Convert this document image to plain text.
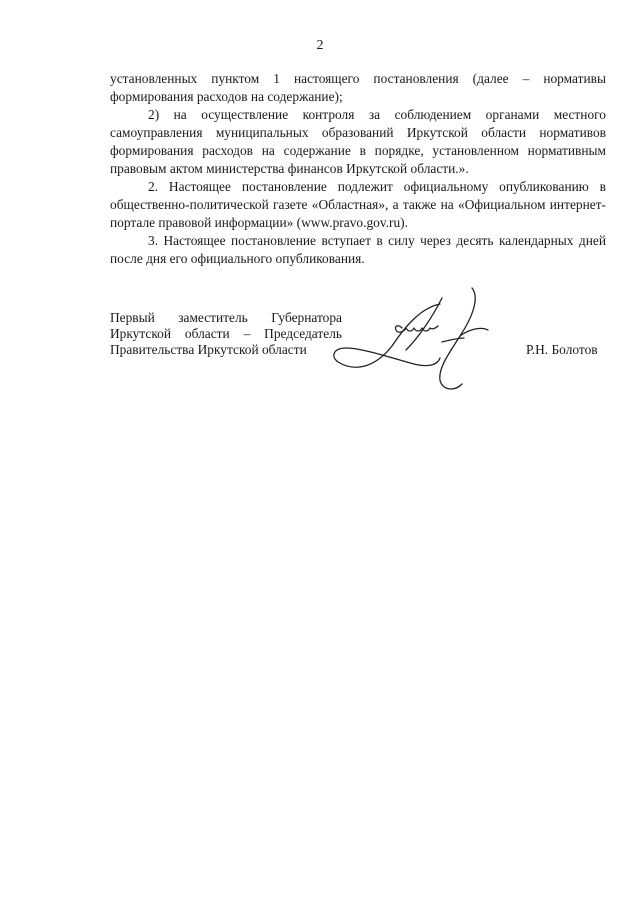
2

установленных пунктом 1 настоящего постановления (далее – нормативы формирования расходов на содержание);

2) на осуществление контроля за соблюдением органами местного самоуправления муниципальных образований Иркутской области нормативов формирования расходов на содержание в порядке, установленном нормативным правовым актом министерства финансов Иркутской области.».

2. Настоящее постановление подлежит официальному опубликованию в общественно-политической газете «Областная», а также на «Официальном интернет-портале правовой информации» (www.pravo.gov.ru).

3. Настоящее постановление вступает в силу через десять календарных дней после дня его официального опубликования.

Первый заместитель Губернатора
Иркутской области – Председатель
Правительства Иркутской области	Р.Н. Болотов
